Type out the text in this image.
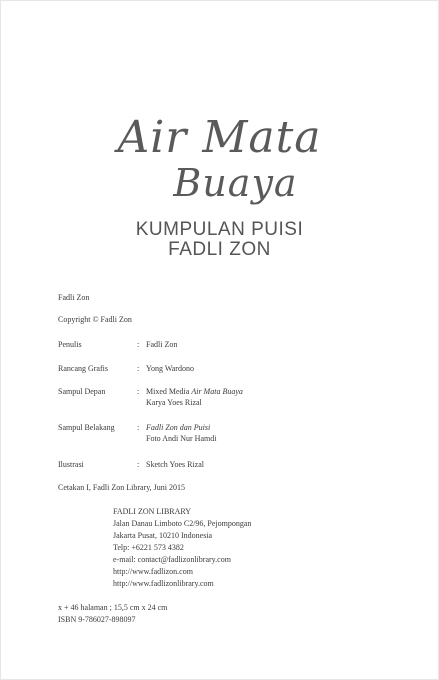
Air Mata
Buaya
KUMPULAN PUISI
FADLI ZON
Fadli Zon
Copyright © Fadli Zon
Penulis	: Fadli Zon
Rancang Grafis	: Yong Wardono
Sampul Depan	: Mixed Media Air Mata Buaya
Karya Yoes Rizal
Sampul Belakang	: Fadli Zon dan Puisi
Foto Andi Nur Hamdi
Ilustrasi	: Sketch Yoes Rizal
Cetakan I, Fadli Zon Library, Juni 2015
FADLI ZON LIBRARY
Jalan Danau Limboto C2/96, Pejompongan
Jakarta Pusat, 10210 Indonesia
Telp: +6221 573 4382
e-mail: contact@fadlizonlibrary.com
http://www.fadlizon.com
http://www.fadlizonlibrary.com
x + 46 halaman ; 15,5 cm x 24 cm
ISBN 9-786027-898097
